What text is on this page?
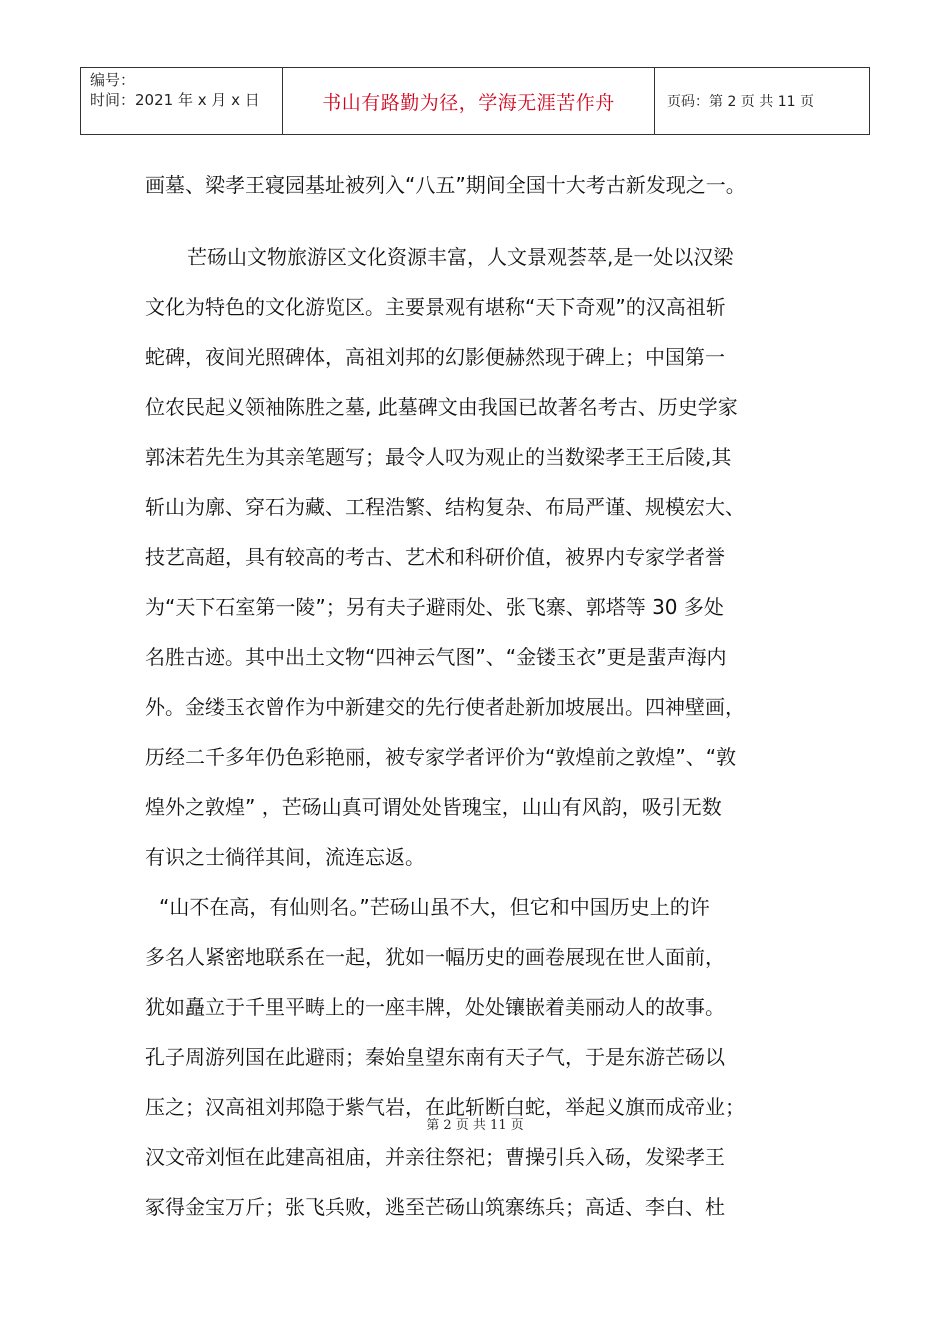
编号：
时间：2021 年 x 月 x 日	书山有路勤为径，学海无涯苦作舟	页码：第 2 页 共 11 页
画墓、梁孝王寝园基址被列入“八五”期间全国十大考古新发现之一。
芒砀山文物旅游区文化资源丰富，人文景观荟萃,是一处以汉梁
文化为特色的文化游览区。主要景观有堪称“天下奇观”的汉高祖斩
蛇碑，夜间光照碑体，高祖刘邦的幻影便赫然现于碑上；中国第一
位农民起义领袖陈胜之墓, 此墓碑文由我国已故著名考古、历史学家
郭沫若先生为其亲笔题写；最令人叹为观止的当数梁孝王王后陵,其
斩山为廓、穿石为藏、工程浩繁、结构复杂、布局严谨、规模宏大、
技艺高超，具有较高的考古、艺术和科研价值，被界内专家学者誉
为“天下石室第一陵”；另有夫子避雨处、张飞寨、郭塔等 30 多处
名胜古迹。其中出土文物“四神云气图”、“金镂玉衣”更是蜚声海内
外。金缕玉衣曾作为中新建交的先行使者赴新加坡展出。四神壁画，
历经二千多年仍色彩艳丽，被专家学者评价为“敦煌前之敦煌”、“敦
煌外之敦煌” ，芒砀山真可谓处处皆瑰宝，山山有风韵，吸引无数
有识之士徜徉其间，流连忘返。
“山不在高，有仙则名。”芒砀山虽不大，但它和中国历史上的许
多名人紧密地联系在一起，犹如一幅历史的画卷展现在世人面前，
犹如矗立于千里平畴上的一座丰牌，处处镶嵌着美丽动人的故事。
孔子周游列国在此避雨；秦始皇望东南有天子气，于是东游芒砀以
压之；汉高祖刘邦隐于紫气岩，在此斩断白蛇，举起义旗而成帝业；
汉文帝刘恒在此建高祖庙，并亲往祭祀；曹操引兵入砀，发梁孝王
冢得金宝万斤；张飞兵败，逃至芒砀山筑寨练兵；高适、李白、杜
第 2 页 共 11 页
